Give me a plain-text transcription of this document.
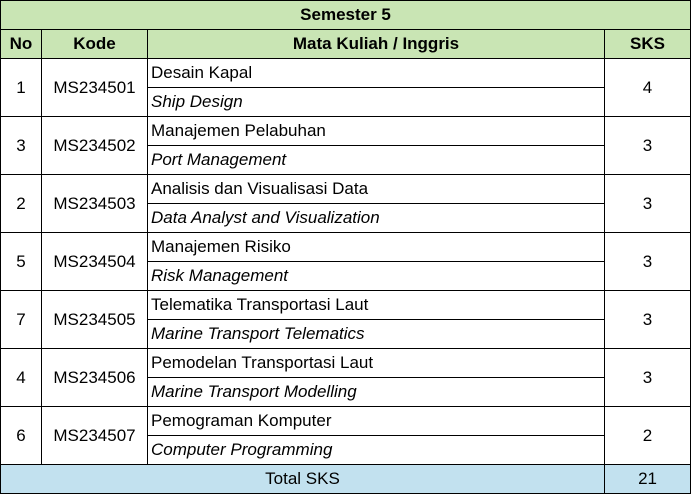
Semester 5			
No	Kode	Mata Kuliah / Inggris	SKS
1	MS234501	Desain Kapal	4
		Ship Design	
3	MS234502	Manajemen Pelabuhan	3
		Port Management	
2	MS234503	Analisis dan Visualisasi Data	3
		Data Analyst and Visualization	
5	MS234504	Manajemen Risiko	3
		Risk Management	
7	MS234505	Telematika Transportasi Laut	3
		Marine Transport Telematics	
4	MS234506	Pemodelan Transportasi Laut	3
		Marine Transport Modelling	
6	MS234507	Pemograman Komputer	2
		Computer Programming	
Total SKS			21
